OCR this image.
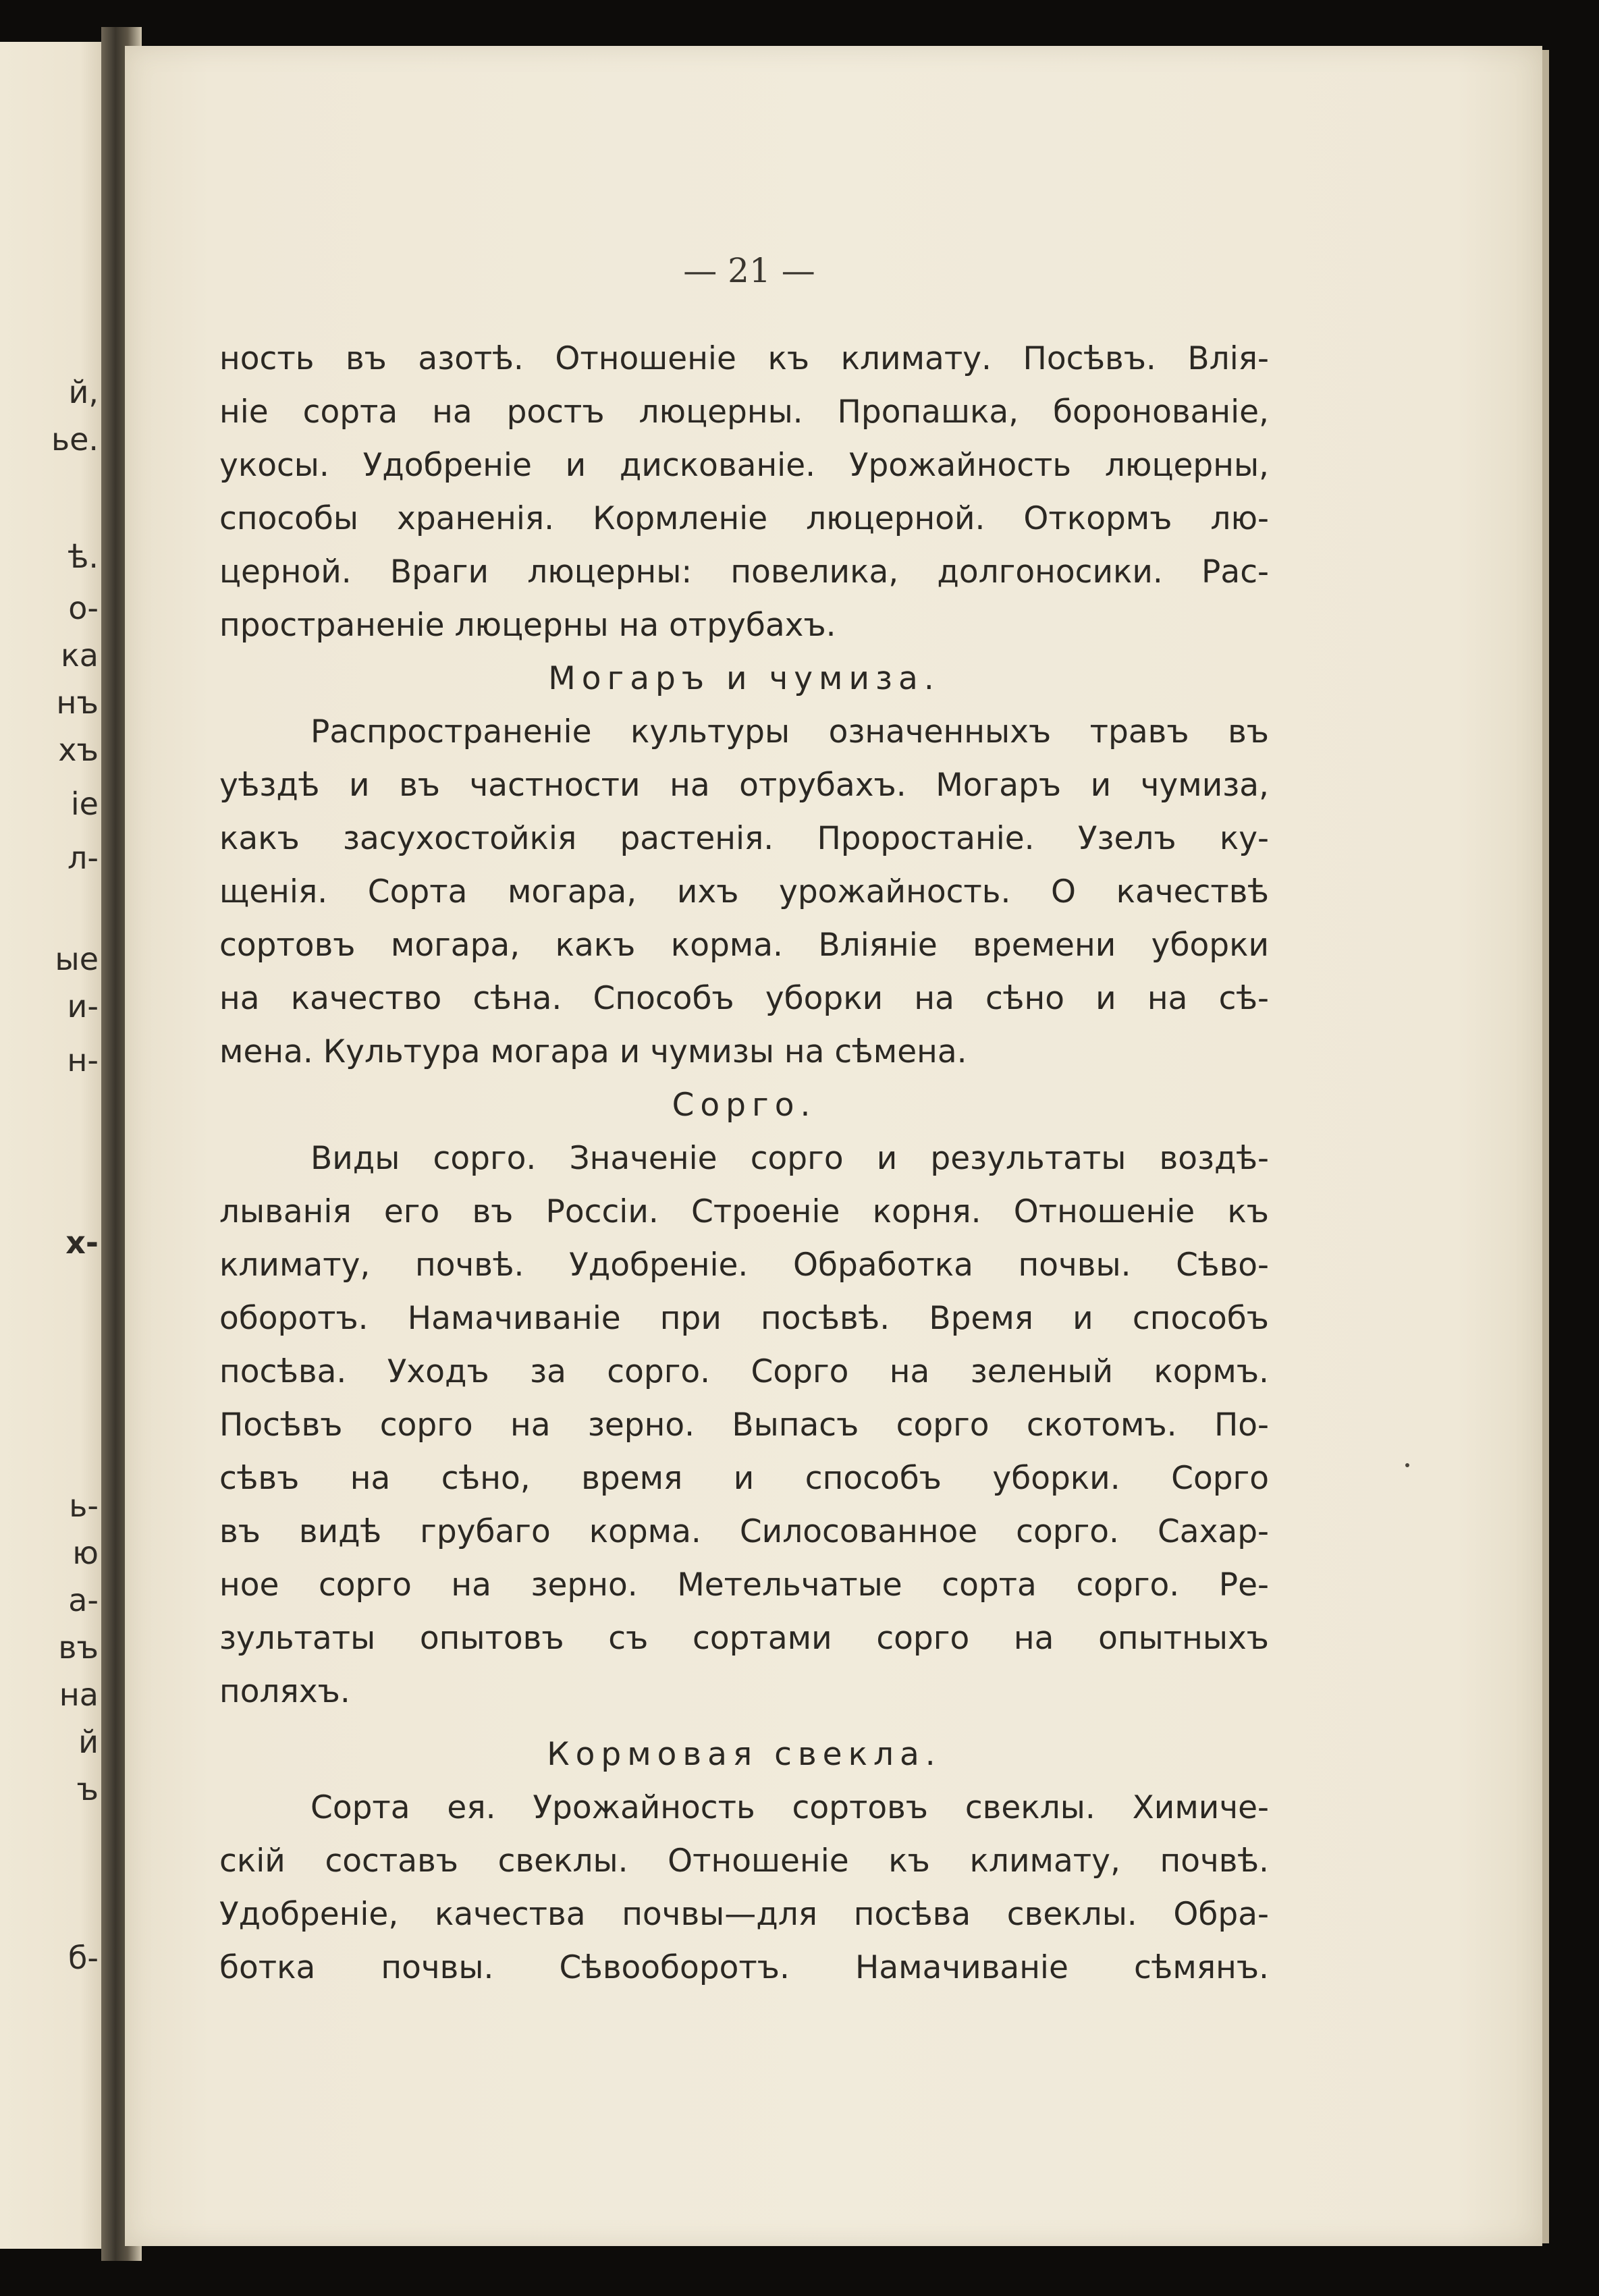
й,
ье.
ѣ.
о-
ка
нъ
хъ
іе
л-
ые
и-
н-
х-
ь-
ю
а-
въ
на
й
ъ
б-
— 21 —
ность въ азотѣ. Отношеніе къ климату. Посѣвъ. Влія-
ніе сорта на ростъ люцерны. Пропашка, боронованіе,
укосы. Удобреніе и дискованіе. Урожайность люцерны,
способы храненія. Кормленіе люцерной. Откормъ лю-
церной. Враги люцерны: повелика, долгоносики. Рас-
пространеніе люцерны на отрубахъ.
Могаръ и чумиза.
Распространеніе культуры означенныхъ травъ въ
уѣздѣ и въ частности на отрубахъ. Могаръ и чумиза,
какъ засухостойкія растенія. Проростаніе. Узелъ ку-
щенія. Сорта могара, ихъ урожайность. О качествѣ
сортовъ могара, какъ корма. Вліяніе времени уборки
на качество сѣна. Способъ уборки на сѣно и на сѣ-
мена. Культура могара и чумизы на сѣмена.
Сорго.
Виды сорго. Значеніе сорго и результаты воздѣ-
лыванія его въ Россіи. Строеніе корня. Отношеніе къ
климату, почвѣ. Удобреніе. Обработка почвы. Сѣво-
оборотъ. Намачиваніе при посѣвѣ. Время и способъ
посѣва. Уходъ за сорго. Сорго на зеленый кормъ.
Посѣвъ сорго на зерно. Выпасъ сорго скотомъ. По-
сѣвъ на сѣно, время и способъ уборки. Сорго
въ видѣ грубаго корма. Силосованное сорго. Сахар-
ное сорго на зерно. Метельчатые сорта сорго. Ре-
зультаты опытовъ съ сортами сорго на опытныхъ
поляхъ.
Кормовая свекла.
Сорта ея. Урожайность сортовъ свеклы. Химиче-
скій составъ свеклы. Отношеніе къ климату, почвѣ.
Удобреніе, качества почвы—для посѣва свеклы. Обра-
ботка почвы. Сѣвооборотъ. Намачиваніе сѣмянъ.
